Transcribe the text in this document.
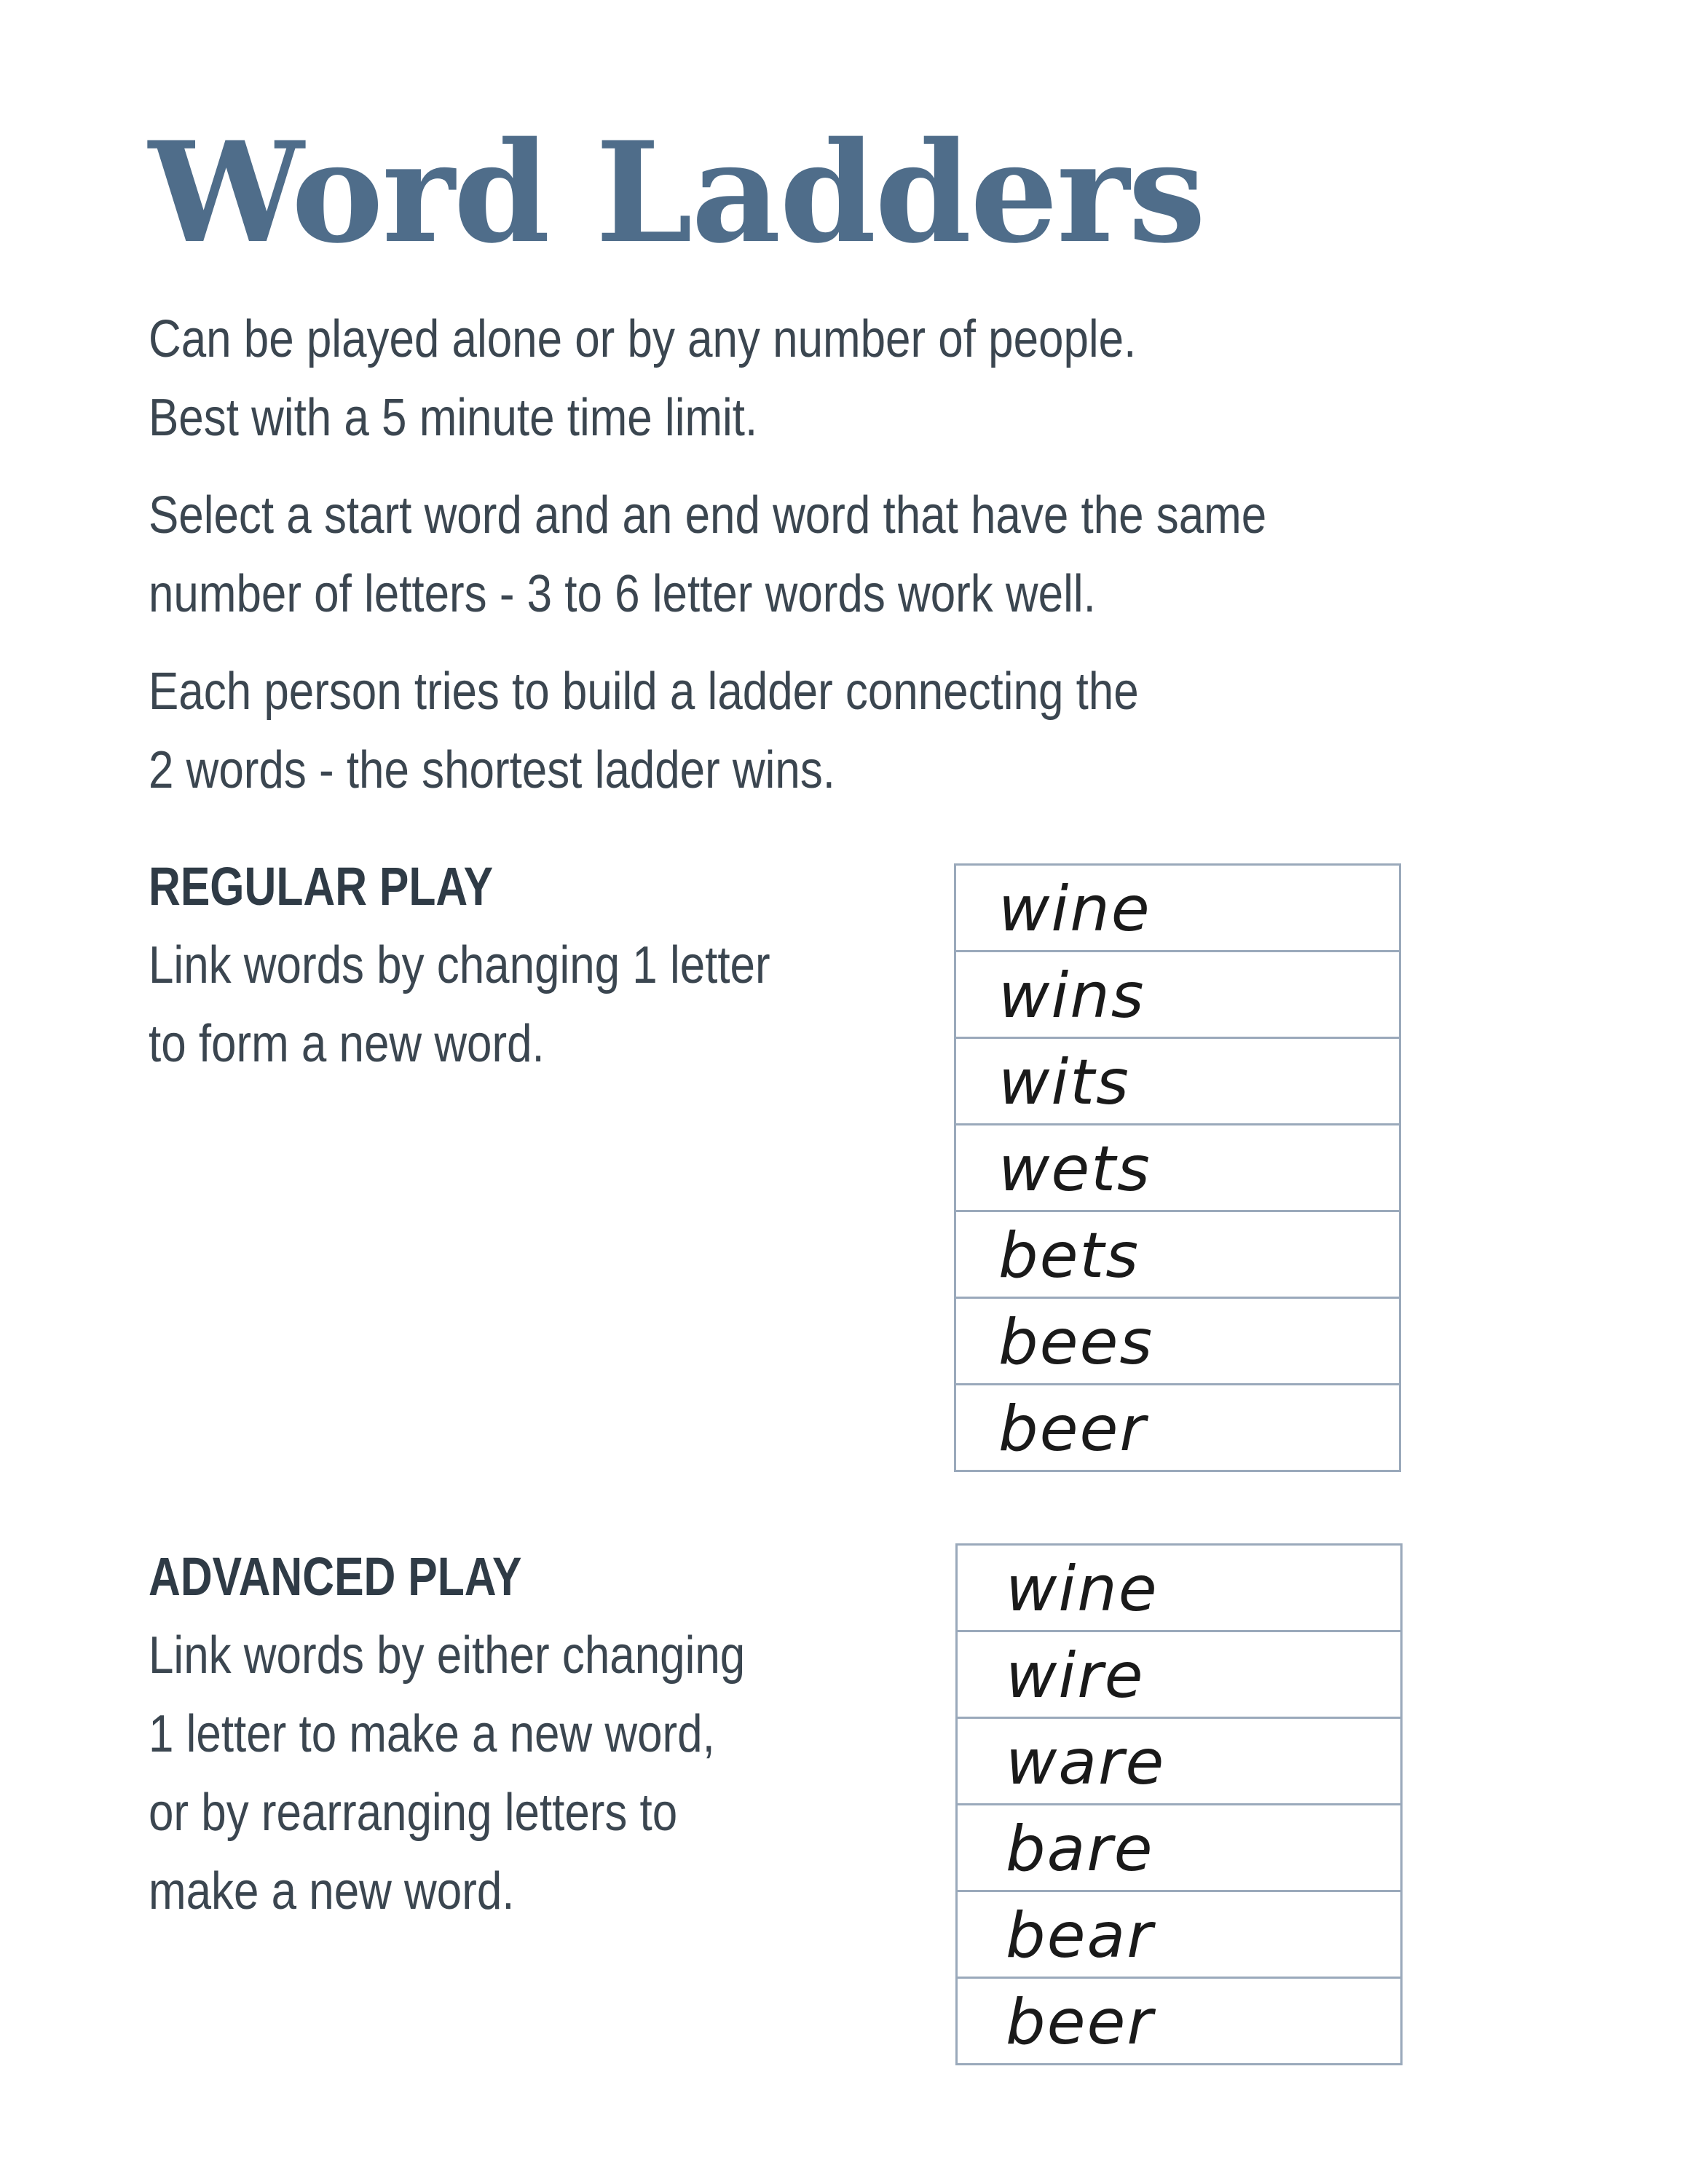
Word Ladders

Can be played alone or by any number of people.
Best with a 5 minute time limit.

Select a start word and an end word that have the same
number of letters - 3 to 6 letter words work well.

Each person tries to build a ladder connecting the
2 words - the shortest ladder wins.

REGULAR PLAY

Link words by changing 1 letter
to form a new word.

wine
wins
wits
wets
bets
bees
beer
ADVANCED PLAY

Link words by either changing
1 letter to make a new word,
or by rearranging letters to
make a new word.

wine
wire
ware
bare
bear
beer
